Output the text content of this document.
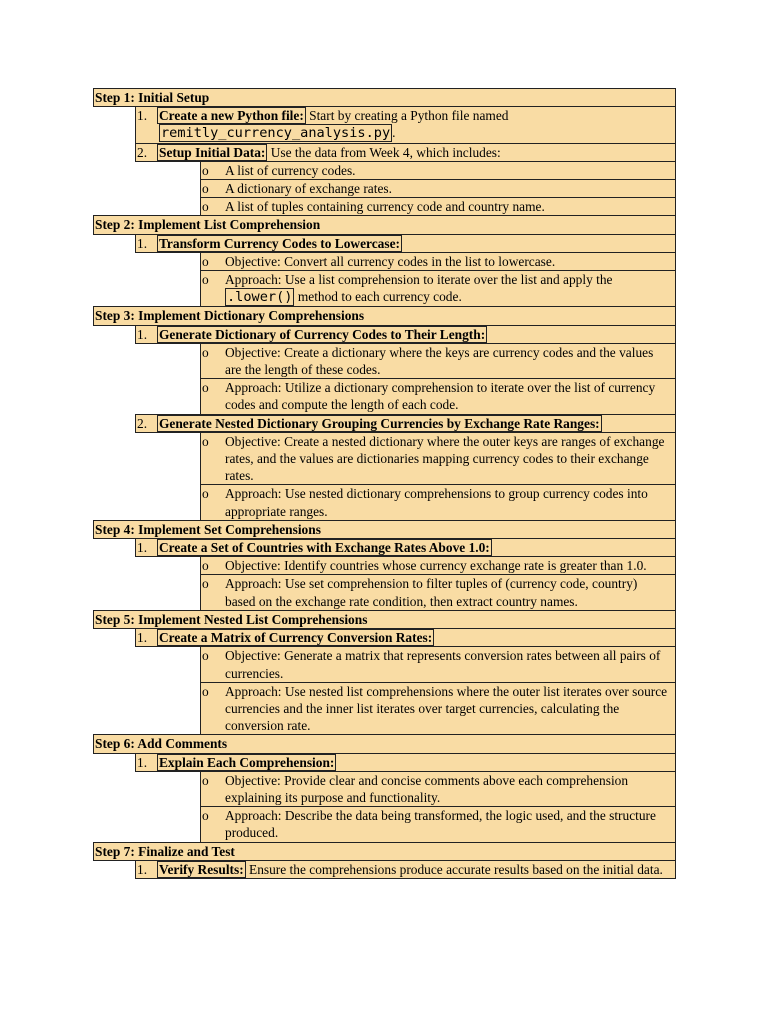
Step 1: Initial Setup
1. Create a new Python file: Start by creating a Python file named remitly_currency_analysis.py .
2. Setup Initial Data: Use the data from Week 4, which includes:
o A list of currency codes.
o A dictionary of exchange rates.
o A list of tuples containing currency code and country name.
Step 2: Implement List Comprehension
1. Transform Currency Codes to Lowercase:
o Objective: Convert all currency codes in the list to lowercase.
o Approach: Use a list comprehension to iterate over the list and apply the .lower() method to each currency code.
Step 3: Implement Dictionary Comprehensions
1. Generate Dictionary of Currency Codes to Their Length:
o Objective: Create a dictionary where the keys are currency codes and the values are the length of these codes.
o Approach: Utilize a dictionary comprehension to iterate over the list of currency codes and compute the length of each code.
2. Generate Nested Dictionary Grouping Currencies by Exchange Rate Ranges:
o Objective: Create a nested dictionary where the outer keys are ranges of exchange rates, and the values are dictionaries mapping currency codes to their exchange rates.
o Approach: Use nested dictionary comprehensions to group currency codes into appropriate ranges.
Step 4: Implement Set Comprehensions
1. Create a Set of Countries with Exchange Rates Above 1.0:
o Objective: Identify countries whose currency exchange rate is greater than 1.0.
o Approach: Use set comprehension to filter tuples of (currency code, country) based on the exchange rate condition, then extract country names.
Step 5: Implement Nested List Comprehensions
1. Create a Matrix of Currency Conversion Rates:
o Objective: Generate a matrix that represents conversion rates between all pairs of currencies.
o Approach: Use nested list comprehensions where the outer list iterates over source currencies and the inner list iterates over target currencies, calculating the conversion rate.
Step 6: Add Comments
1. Explain Each Comprehension:
o Objective: Provide clear and concise comments above each comprehension explaining its purpose and functionality.
o Approach: Describe the data being transformed, the logic used, and the structure produced.
Step 7: Finalize and Test
1. Verify Results: Ensure the comprehensions produce accurate results based on the initial data.
